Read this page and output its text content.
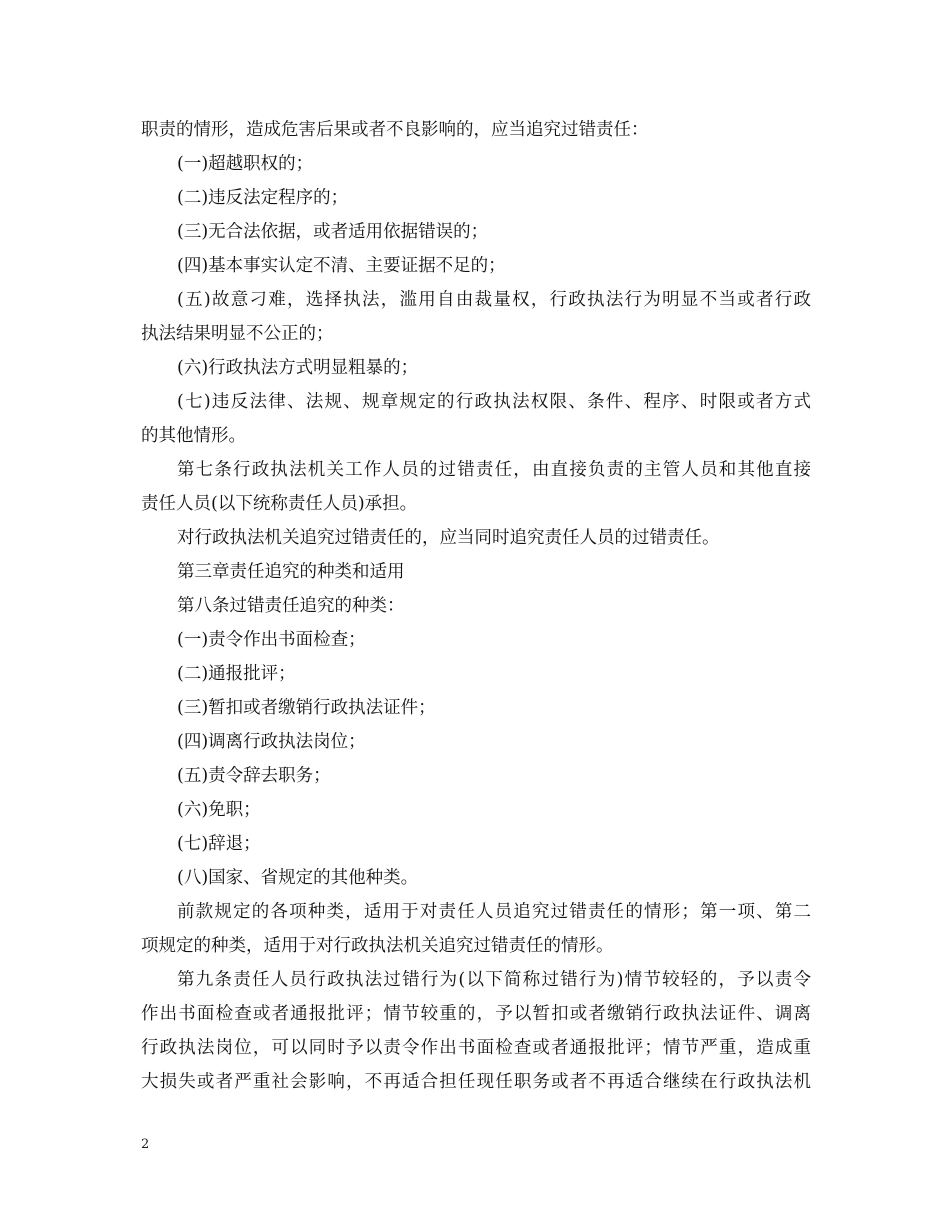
职责的情形，造成危害后果或者不良影响的，应当追究过错责任：
(一)超越职权的；
(二)违反法定程序的；
(三)无合法依据，或者适用依据错误的；
(四)基本事实认定不清、主要证据不足的；
(五)故意刁难，选择执法，滥用自由裁量权，行政执法行为明显不当或者行政
执法结果明显不公正的；
(六)行政执法方式明显粗暴的；
(七)违反法律、法规、规章规定的行政执法权限、条件、程序、时限或者方式
的其他情形。
第七条行政执法机关工作人员的过错责任，由直接负责的主管人员和其他直接
责任人员(以下统称责任人员)承担。
对行政执法机关追究过错责任的，应当同时追究责任人员的过错责任。
第三章责任追究的种类和适用
第八条过错责任追究的种类：
(一)责令作出书面检查；
(二)通报批评；
(三)暂扣或者缴销行政执法证件；
(四)调离行政执法岗位；
(五)责令辞去职务；
(六)免职；
(七)辞退；
(八)国家、省规定的其他种类。
前款规定的各项种类，适用于对责任人员追究过错责任的情形；第一项、第二
项规定的种类，适用于对行政执法机关追究过错责任的情形。
第九条责任人员行政执法过错行为(以下简称过错行为)情节较轻的，予以责令
作出书面检查或者通报批评；情节较重的，予以暂扣或者缴销行政执法证件、调离
行政执法岗位，可以同时予以责令作出书面检查或者通报批评；情节严重，造成重
大损失或者严重社会影响，不再适合担任现任职务或者不再适合继续在行政执法机
2
